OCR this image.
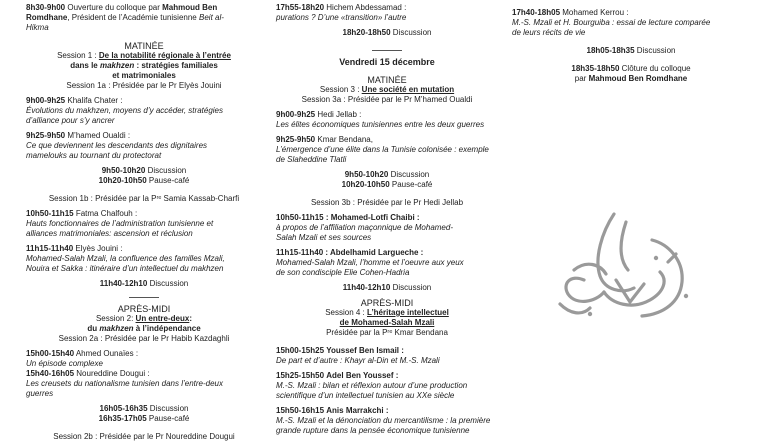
8h30-9h00 Ouverture du colloque par Mahmoud Ben
Romdhane, Président de l’Académie tunisienne Beit al-
Hikma
MATINÉE
Session 1 : De la notabilité régionale à l’entrée
dans le makhzen : stratégies familiales
et matrimoniales
Session 1a : Présidée par le Pr Elyès Jouini
9h00-9h25 Khalifa Chater :
Évolutions du makhzen, moyens d’y accéder, stratégies
d’alliance pour s’y ancrer
9h25-9h50 M’hamed Oualdi :
Ce que deviennent les descendants des dignitaires
mamelouks au tournant du protectorat
9h50-10h20 Discussion
10h20-10h50 Pause-café
Session 1b : Présidée par la Pʳᵉ Samia Kassab-Charfi
10h50-11h15 Fatma Chalfouh :
Hauts fonctionnaires de l’administration tunisienne et
alliances matrimoniales: ascension et réclusion
11h15-11h40 Elyès Jouini :
Mohamed-Salah Mzali, la confluence des familles Mzali,
Nouira et Sakka : itinéraire d’un intellectuel du makhzen
11h40-12h10 Discussion
APRÈS-MIDI
Session 2: Un entre-deux:
du makhzen à l’indépendance
Session 2a : Présidée par le Pr Habib Kazdaghli
15h00-15h40 Ahmed Ounaïes :
Un épisode complexe
15h40-16h05 Noureddine Dougui :
Les creusets du nationalisme tunisien dans l’entre-deux
guerres
16h05-16h35 Discussion
16h35-17h05 Pause-café
Session 2b : Présidée par le Pr Noureddine Dougui
17h55-18h20 Hichem Abdessamad :
purations ? D’une «transition» l’autre
18h20-18h50 Discussion
Vendredi 15 décembre
MATINÉE
Session 3 : Une société en mutation
Session 3a : Présidée par le Pr M’hamed Oualdi
9h00-9h25 Hedi Jellab :
Les élites économiques tunisiennes entre les deux guerres
9h25-9h50 Kmar Bendana,
L’émergence d’une élite dans la Tunisie colonisée : exemple
de Slaheddine Tlatli
9h50-10h20 Discussion
10h20-10h50 Pause-café
Session 3b : Présidée par le Pr Hedi Jellab
10h50-11h15 : Mohamed-Lotfi Chaibi :
à propos de l’affiliation maçonnique de Mohamed-
Salah Mzali et ses sources
11h15-11h40 : Abdelhamid Largueche :
Mohamed-Salah Mzali, l’homme et l’oeuvre aux yeux
de son condisciple Elie Cohen-Hadria
11h40-12h10 Discussion
APRÈS-MIDI
Session 4 : L’héritage intellectuel
de Mohamed-Salah Mzali
Présidée par la Pʳᵉ Kmar Bendana
15h00-15h25 Youssef Ben Ismail :
De part et d’autre : Khayr al-Din et M.-S. Mzali
15h25-15h50 Adel Ben Youssef :
M.-S. Mzali : bilan et réflexion autour d’une production
scientifique d’un intellectuel tunisien au XXe siècle
15h50-16h15 Anis Marrakchi :
M.-S. Mzali et la dénonciation du mercantilisme : la première
grande rupture dans la pensée économique tunisienne
17h40-18h05 Mohamed Kerrou :
M.-S. Mzali et H. Bourguiba : essai de lecture comparée
de leurs récits de vie
18h05-18h35 Discussion
18h35-18h50 Clôture du colloque
par Mahmoud Ben Romdhane
